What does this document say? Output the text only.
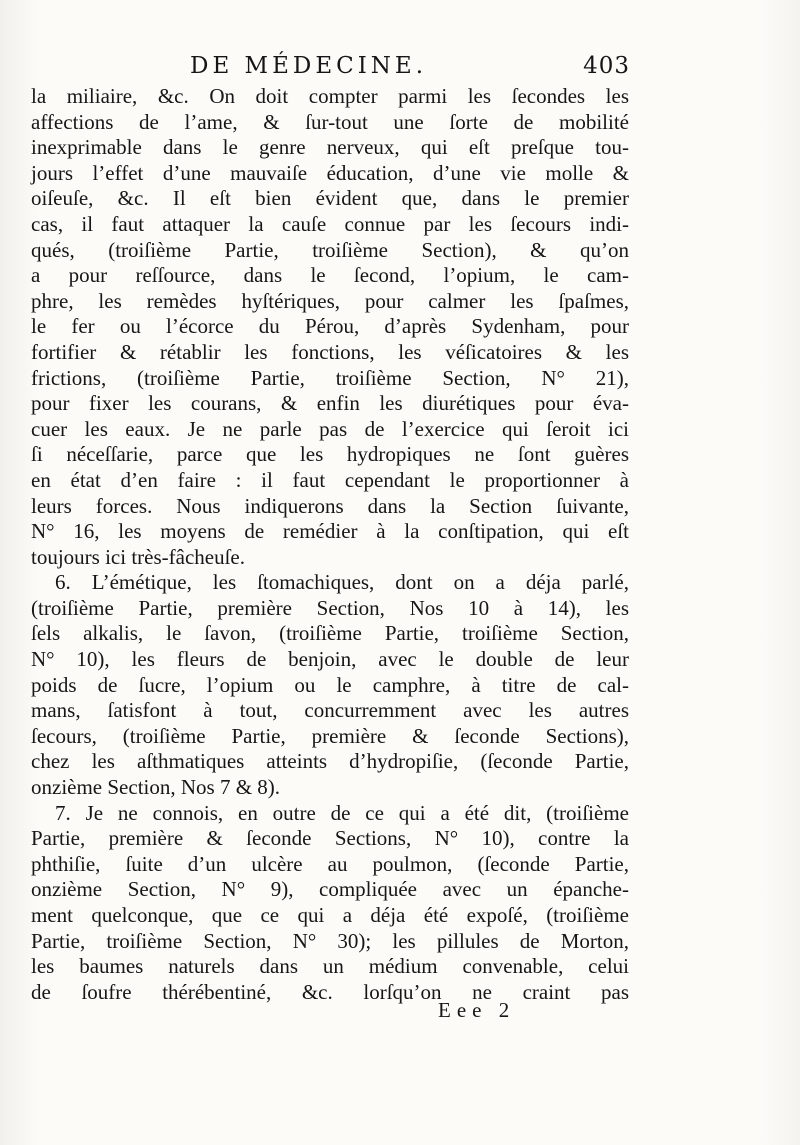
DE MÉDECINE.	403
la miliaire, &c. On doit compter parmi les ſecondes les
affections de l’ame, & ſur-tout une ſorte de mobilité
inexprimable dans le genre nerveux, qui eſt preſque tou-
jours l’effet d’une mauvaiſe éducation, d’une vie molle &
oiſeuſe, &c. Il eſt bien évident que, dans le premier
cas, il faut attaquer la cauſe connue par les ſecours indi-
qués, (troiſième Partie, troiſième Section), & qu’on
a pour reſſource, dans le ſecond, l’opium, le cam-
phre, les remèdes hyſtériques, pour calmer les ſpaſmes,
le fer ou l’écorce du Pérou, d’après Sydenham, pour
fortifier & rétablir les fonctions, les véſicatoires & les
frictions, (troiſième Partie, troiſième Section, N° 21),
pour fixer les courans, & enfin les diurétiques pour éva-
cuer les eaux. Je ne parle pas de l’exercice qui ſeroit ici
ſi néceſſarie, parce que les hydropiques ne ſont guères
en état d’en faire : il faut cependant le proportionner à
leurs forces. Nous indiquerons dans la Section ſuivante,
N° 16, les moyens de remédier à la conſtipation, qui eſt
toujours ici très-fâcheuſe.
6. L’émétique, les ſtomachiques, dont on a déja parlé,
(troiſième Partie, première Section, Nos 10 à 14), les
ſels alkalis, le ſavon, (troiſième Partie, troiſième Section,
N° 10), les fleurs de benjoin, avec le double de leur
poids de ſucre, l’opium ou le camphre, à titre de cal-
mans, ſatisfont à tout, concurremment avec les autres
ſecours, (troiſième Partie, première & ſeconde Sections),
chez les aſthmatiques atteints d’hydropiſie, (ſeconde Partie,
onzième Section, Nos 7 & 8).
7. Je ne connois, en outre de ce qui a été dit, (troiſième
Partie, première & ſeconde Sections, N° 10), contre la
phthiſie, ſuite d’un ulcère au poulmon, (ſeconde Partie,
onzième Section, N° 9), compliquée avec un épanche-
ment quelconque, que ce qui a déja été expoſé, (troiſième
Partie, troiſième Section, N° 30); les pillules de Morton,
les baumes naturels dans un médium convenable, celui
de ſoufre thérébentiné, &c. lorſqu’on ne craint pas
Eee 2
